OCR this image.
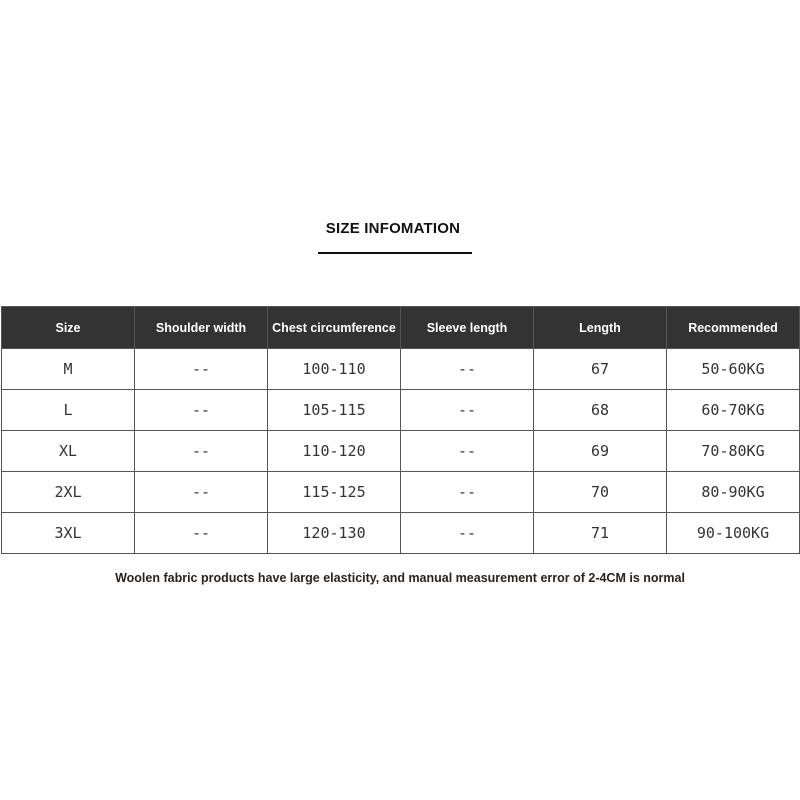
SIZE INFOMATION
Size	Shoulder width	Chest circumference	Sleeve length	Length	Recommended
M	--	100-110	--	67	50-60KG
L	--	105-115	--	68	60-70KG
XL	--	110-120	--	69	70-80KG
2XL	--	115-125	--	70	80-90KG
3XL	--	120-130	--	71	90-100KG
Woolen fabric products have large elasticity, and manual measurement error of 2-4CM is normal
